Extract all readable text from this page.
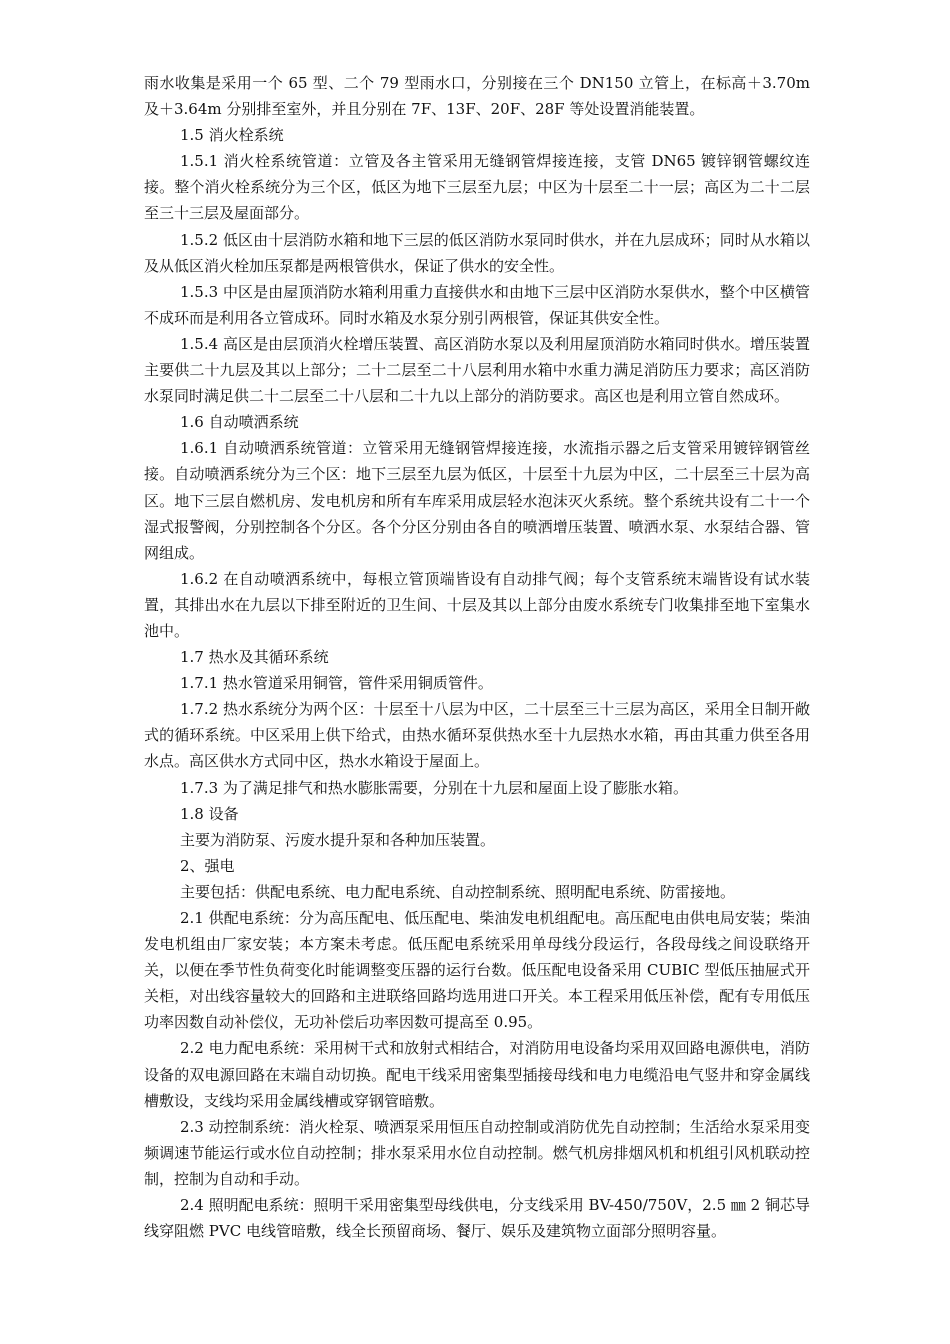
雨水收集是采用一个 65 型、二个 79 型雨水口，分别接在三个 DN150 立管上，在标高＋3.70m 及＋3.64m 分别排至室外，并且分别在 7F、13F、20F、28F 等处设置消能装置。

1.5 消火栓系统

1.5.1 消火栓系统管道：立管及各主管采用无缝钢管焊接连接，支管 DN65 镀锌钢管螺纹连接。整个消火栓系统分为三个区，低区为地下三层至九层；中区为十层至二十一层；高区为二十二层至三十三层及屋面部分。

1.5.2 低区由十层消防水箱和地下三层的低区消防水泵同时供水，并在九层成环；同时从水箱以及从低区消火栓加压泵都是两根管供水，保证了供水的安全性。

1.5.3 中区是由屋顶消防水箱利用重力直接供水和由地下三层中区消防水泵供水，整个中区横管不成环而是利用各立管成环。同时水箱及水泵分别引两根管，保证其供安全性。

1.5.4 高区是由层顶消火栓增压装置、高区消防水泵以及利用屋顶消防水箱同时供水。增压装置主要供二十九层及其以上部分；二十二层至二十八层利用水箱中水重力满足消防压力要求；高区消防水泵同时满足供二十二层至二十八层和二十九以上部分的消防要求。高区也是利用立管自然成环。

1.6 自动喷洒系统

1.6.1 自动喷洒系统管道：立管采用无缝钢管焊接连接，水流指示器之后支管采用镀锌钢管丝接。自动喷洒系统分为三个区：地下三层至九层为低区，十层至十九层为中区，二十层至三十层为高区。地下三层自燃机房、发电机房和所有车库采用成层轻水泡沫灭火系统。整个系统共设有二十一个湿式报警阀，分别控制各个分区。各个分区分别由各自的喷洒增压装置、喷洒水泵、水泵结合器、管网组成。

1.6.2 在自动喷洒系统中，每根立管顶端皆设有自动排气阀；每个支管系统末端皆设有试水装置，其排出水在九层以下排至附近的卫生间、十层及其以上部分由废水系统专门收集排至地下室集水池中。

1.7 热水及其循环系统

1.7.1 热水管道采用铜管，管件采用铜质管件。

1.7.2 热水系统分为两个区：十层至十八层为中区，二十层至三十三层为高区，采用全日制开敞式的循环系统。中区采用上供下给式，由热水循环泵供热水至十九层热水水箱，再由其重力供至各用水点。高区供水方式同中区，热水水箱设于屋面上。

1.7.3 为了满足排气和热水膨胀需要，分别在十九层和屋面上设了膨胀水箱。

1.8 设备

主要为消防泵、污废水提升泵和各种加压装置。

2、强电

主要包括：供配电系统、电力配电系统、自动控制系统、照明配电系统、防雷接地。

2.1 供配电系统：分为高压配电、低压配电、柴油发电机组配电。高压配电由供电局安装；柴油发电机组由厂家安装；本方案未考虑。低压配电系统采用单母线分段运行，各段母线之间设联络开关，以便在季节性负荷变化时能调整变压器的运行台数。低压配电设备采用 CUBIC 型低压抽屉式开关柜，对出线容量较大的回路和主进联络回路均选用进口开关。本工程采用低压补偿，配有专用低压功率因数自动补偿仪，无功补偿后功率因数可提高至 0.95。

2.2 电力配电系统：采用树干式和放射式相结合，对消防用电设备均采用双回路电源供电，消防设备的双电源回路在末端自动切换。配电干线采用密集型插接母线和电力电缆沿电气竖井和穿金属线槽敷设，支线均采用金属线槽或穿钢管暗敷。

2.3 动控制系统：消火栓泵、喷洒泵采用恒压自动控制或消防优先自动控制；生活给水泵采用变频调速节能运行或水位自动控制；排水泵采用水位自动控制。燃气机房排烟风机和机组引风机联动控制，控制为自动和手动。

2.4 照明配电系统：照明干采用密集型母线供电，分支线采用 BV-450/750V，2.5 ㎜ 2 铜芯导线穿阻燃 PVC 电线管暗敷，线全长预留商场、餐厅、娱乐及建筑物立面部分照明容量。
